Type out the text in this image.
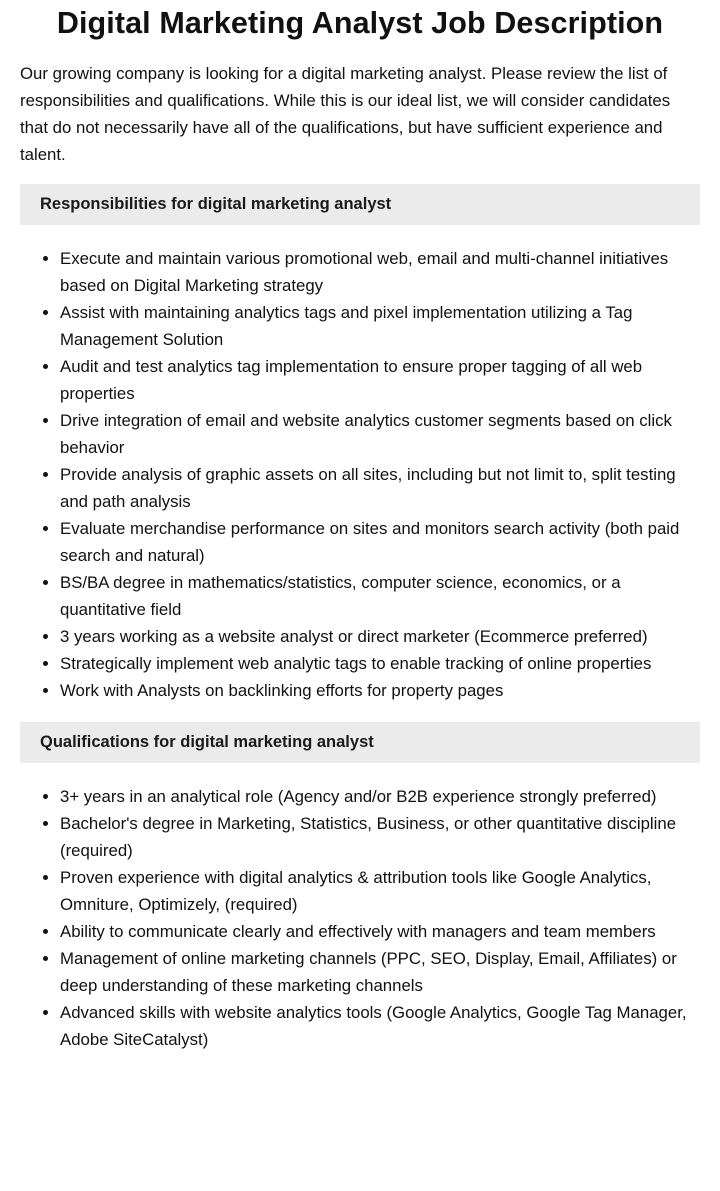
Digital Marketing Analyst Job Description

Our growing company is looking for a digital marketing analyst. Please review the list of responsibilities and qualifications. While this is our ideal list, we will consider candidates that do not necessarily have all of the qualifications, but have sufficient experience and talent.

Responsibilities for digital marketing analyst
• Execute and maintain various promotional web, email and multi-channel initiatives based on Digital Marketing strategy
• Assist with maintaining analytics tags and pixel implementation utilizing a Tag Management Solution
• Audit and test analytics tag implementation to ensure proper tagging of all web properties
• Drive integration of email and website analytics customer segments based on click behavior
• Provide analysis of graphic assets on all sites, including but not limit to, split testing and path analysis
• Evaluate merchandise performance on sites and monitors search activity (both paid search and natural)
• BS/BA degree in mathematics/statistics, computer science, economics, or a quantitative field
• 3 years working as a website analyst or direct marketer (Ecommerce preferred)
• Strategically implement web analytic tags to enable tracking of online properties
• Work with Analysts on backlinking efforts for property pages
Qualifications for digital marketing analyst
• 3+ years in an analytical role (Agency and/or B2B experience strongly preferred)
• Bachelor's degree in Marketing, Statistics, Business, or other quantitative discipline (required)
• Proven experience with digital analytics & attribution tools like Google Analytics, Omniture, Optimizely, (required)
• Ability to communicate clearly and effectively with managers and team members
• Management of online marketing channels (PPC, SEO, Display, Email, Affiliates) or deep understanding of these marketing channels
• Advanced skills with website analytics tools (Google Analytics, Google Tag Manager, Adobe SiteCatalyst)
